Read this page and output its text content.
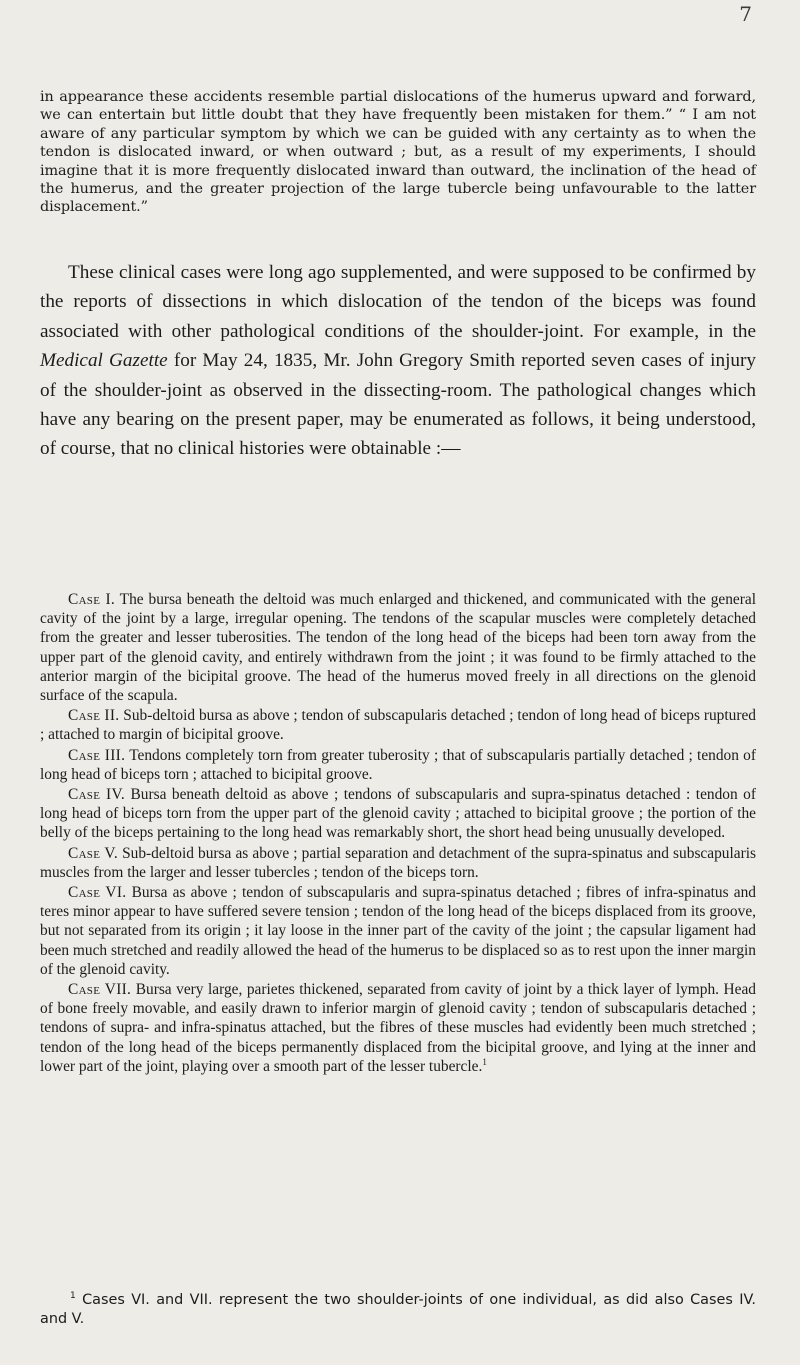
7

in appearance these accidents resemble partial dislocations of the humerus upward and forward, we can entertain but little doubt that they have frequently been mistaken for them.” “ I am not aware of any particular symptom by which we can be guided with any certainty as to when the tendon is dislocated inward, or when outward ; but, as a result of my experiments, I should imagine that it is more frequently dislocated inward than outward, the inclination of the head of the humerus, and the greater projection of the large tubercle being unfavourable to the latter displacement.”

These clinical cases were long ago supplemented, and were supposed to be confirmed by the reports of dissections in which dislocation of the tendon of the biceps was found associated with other pathological conditions of the shoulder-joint. For example, in the Medical Gazette for May 24, 1835, Mr. John Gregory Smith reported seven cases of injury of the shoulder-joint as observed in the dissecting-room. The pathological changes which have any bearing on the present paper, may be enumerated as follows, it being understood, of course, that no clinical histories were obtainable :—

Case I. The bursa beneath the deltoid was much enlarged and thickened, and communicated with the general cavity of the joint by a large, irregular opening. The tendons of the scapular muscles were completely detached from the greater and lesser tuberosities. The tendon of the long head of the biceps had been torn away from the upper part of the glenoid cavity, and entirely withdrawn from the joint ; it was found to be firmly attached to the anterior margin of the bicipital groove. The head of the humerus moved freely in all directions on the glenoid surface of the scapula.

Case II. Sub-deltoid bursa as above ; tendon of subscapularis detached ; tendon of long head of biceps ruptured ; attached to margin of bicipital groove.

Case III. Tendons completely torn from greater tuberosity ; that of subscapularis partially detached ; tendon of long head of biceps torn ; attached to bicipital groove.

Case IV. Bursa beneath deltoid as above ; tendons of subscapularis and supra-spinatus detached : tendon of long head of biceps torn from the upper part of the glenoid cavity ; attached to bicipital groove ; the portion of the belly of the biceps pertaining to the long head was remarkably short, the short head being unusually developed.

Case V. Sub-deltoid bursa as above ; partial separation and detachment of the supra-spinatus and subscapularis muscles from the larger and lesser tubercles ; tendon of the biceps torn.

Case VI. Bursa as above ; tendon of subscapularis and supra-spinatus detached ; fibres of infra-spinatus and teres minor appear to have suffered severe tension ; tendon of the long head of the biceps displaced from its groove, but not separated from its origin ; it lay loose in the inner part of the cavity of the joint ; the capsular ligament had been much stretched and readily allowed the head of the humerus to be displaced so as to rest upon the inner margin of the glenoid cavity.

Case VII. Bursa very large, parietes thickened, separated from cavity of joint by a thick layer of lymph. Head of bone freely movable, and easily drawn to inferior margin of glenoid cavity ; tendon of subscapularis detached ; tendons of supra- and infra-spinatus attached, but the fibres of these muscles had evidently been much stretched ; tendon of the long head of the biceps permanently displaced from the bicipital groove, and lying at the inner and lower part of the joint, playing over a smooth part of the lesser tubercle.$^1$

$^1$ Cases VI. and VII. represent the two shoulder-joints of one individual, as did also Cases IV. and V.
